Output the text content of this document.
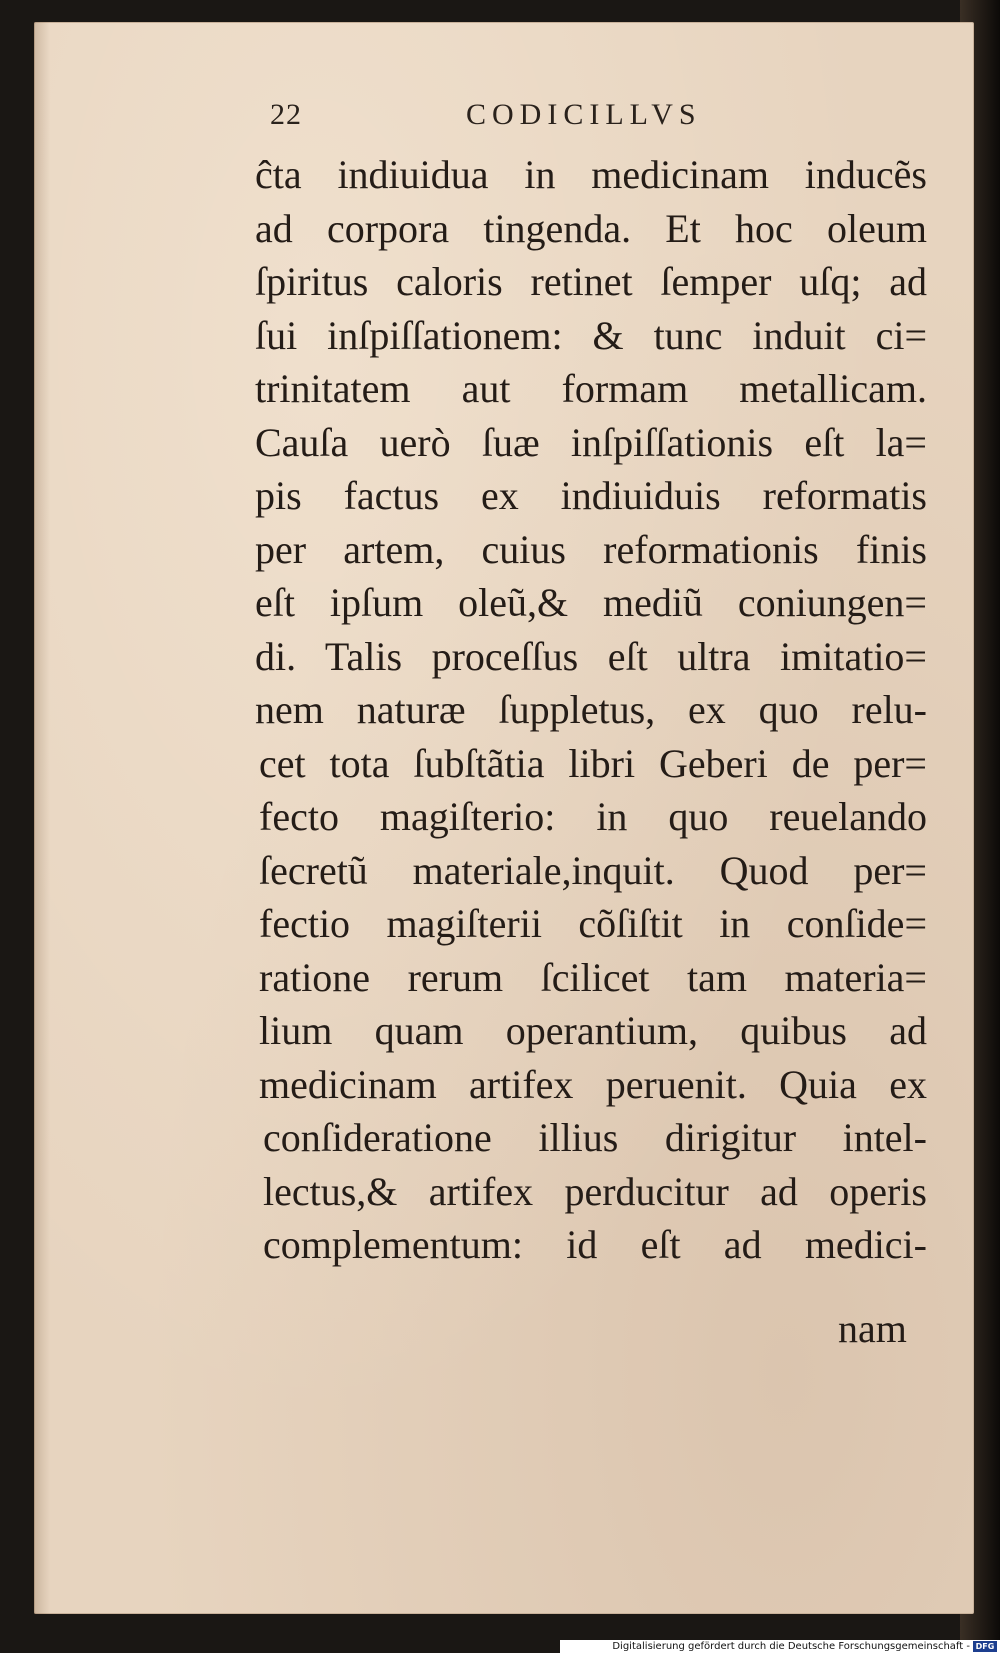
22	CODICILLVS
ĉta indiuidua in medicinam inducẽs
ad corpora tingenda. Et hoc oleum
ſpiritus caloris retinet ſemper uſq; ad
ſui inſpiſſationem: & tunc induit ci=
trinitatem aut formam metallicam.
Cauſa uerò ſuæ inſpiſſationis eſt la=
pis factus ex indiuiduis reformatis
per artem, cuius reformationis finis
eſt ipſum oleũ,& mediũ coniungen=
di. Talis proceſſus eſt ultra imitatio=
nem naturæ ſuppletus, ex quo relu-
cet tota ſubſtãtia libri Geberi de per=
fecto magiſterio: in quo reuelando
ſecretũ materiale,inquit. Quod per=
fectio magiſterii cõſiſtit in conſide=
ratione rerum ſcilicet tam materia=
lium quam operantium, quibus ad
medicinam artifex peruenit. Quia ex
conſideratione illius dirigitur intel-
lectus,& artifex perducitur ad operis
complementum: id eſt ad medici-
nam
Digitalisierung gefördert durch die Deutsche Forschungsgemeinschaft - DFG
